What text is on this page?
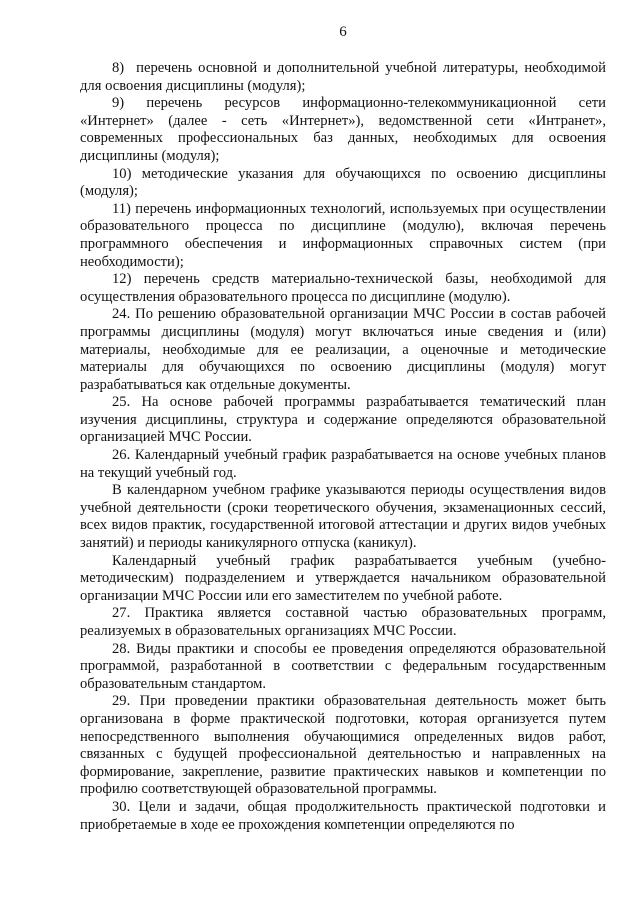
6

8)  перечень основной и дополнительной учебной литературы, необходимой для освоения дисциплины (модуля);

9) перечень ресурсов информационно-телекоммуникационной сети «Интернет» (далее - сеть «Интернет»), ведомственной сети «Интранет», современных профессиональных баз данных, необходимых для освоения дисциплины (модуля);

10) методические указания для обучающихся по освоению дисциплины (модуля);

11) перечень информационных технологий, используемых при осуществлении образовательного процесса по дисциплине (модулю), включая перечень программного обеспечения и информационных справочных систем (при необходимости);

12) перечень средств материально-технической базы, необходимой для осуществления образовательного процесса по дисциплине (модулю).

24. По решению образовательной организации МЧС России в состав рабочей программы дисциплины (модуля) могут включаться иные сведения и (или) материалы, необходимые для ее реализации, а оценочные и методические материалы для обучающихся по освоению дисциплины (модуля) могут разрабатываться как отдельные документы.

25. На основе рабочей программы разрабатывается тематический план изучения дисциплины, структура и содержание определяются образовательной организацией МЧС России.

26. Календарный учебный график разрабатывается на основе учебных планов на текущий учебный год.

В календарном учебном графике указываются периоды осуществления видов учебной деятельности (сроки теоретического обучения, экзаменационных сессий, всех видов практик, государственной итоговой аттестации и других видов учебных занятий) и периоды каникулярного отпуска (каникул).

Календарный учебный график разрабатывается учебным (учебно-методическим) подразделением и утверждается начальником образовательной организации МЧС России или его заместителем по учебной работе.

27. Практика является составной частью образовательных программ, реализуемых в образовательных организациях МЧС России.

28. Виды практики и способы ее проведения определяются образовательной программой, разработанной в соответствии с федеральным государственным образовательным стандартом.

29. При проведении практики образовательная деятельность может быть организована в форме практической подготовки, которая организуется путем непосредственного выполнения обучающимися определенных видов работ, связанных с будущей профессиональной деятельностью и направленных на формирование, закрепление, развитие практических навыков и компетенции по профилю соответствующей образовательной программы.

30. Цели и задачи, общая продолжительность практической подготовки и приобретаемые в ходе ее прохождения компетенции определяются по
